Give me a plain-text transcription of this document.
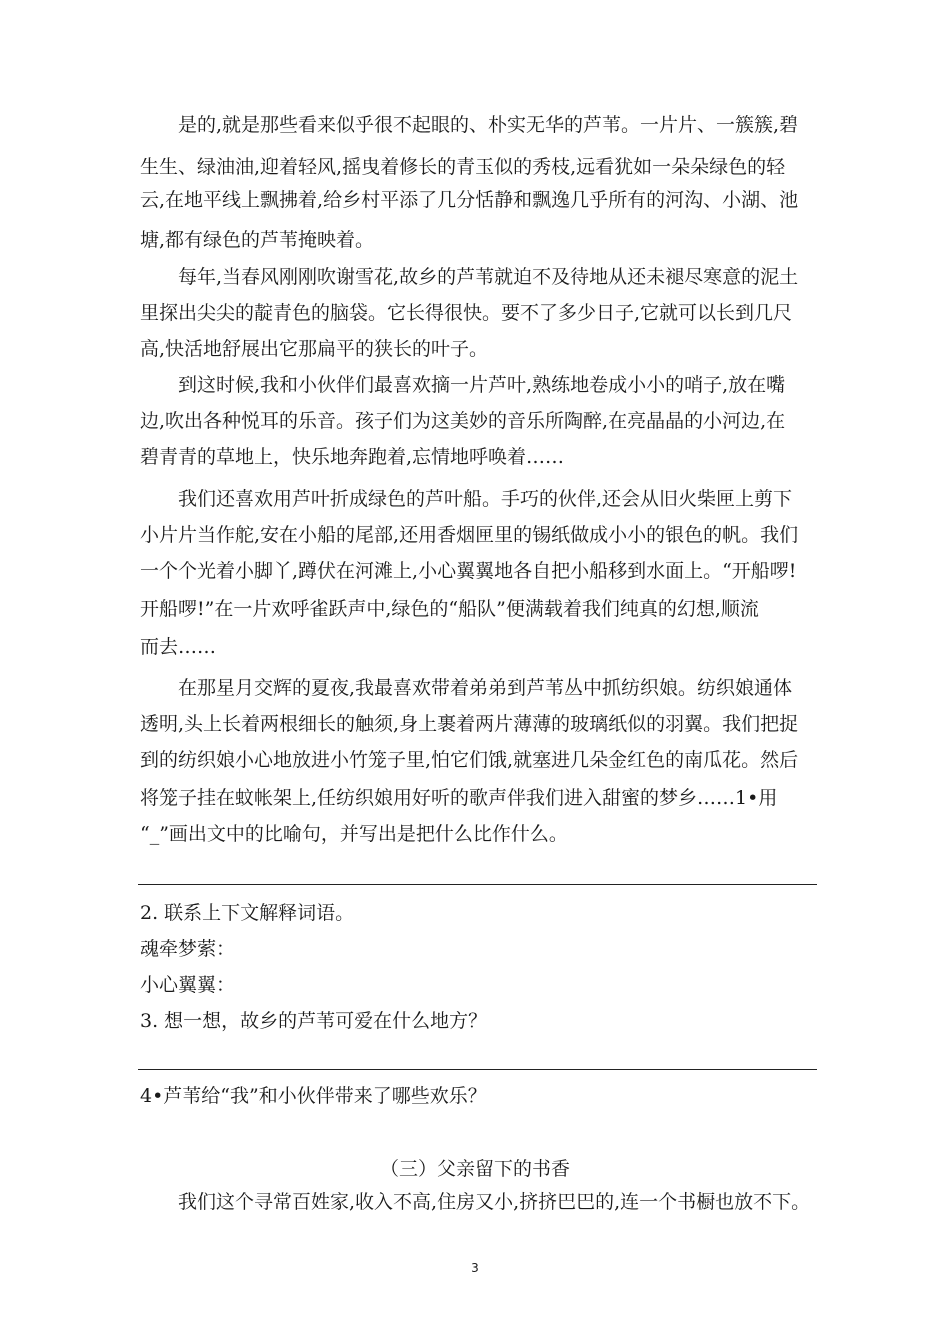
　　是的,就是那些看来似乎很不起眼的、朴实无华的芦苇。一片片、一簇簇,碧
生生、绿油油,迎着轻风,摇曳着修长的青玉似的秀枝,远看犹如一朵朵绿色的轻
云,在地平线上飘拂着,给乡村平添了几分恬静和飘逸几乎所有的河沟、小湖、池
塘,都有绿色的芦苇掩映着。
　　每年,当春风刚刚吹谢雪花,故乡的芦苇就迫不及待地从还未褪尽寒意的泥土
里探出尖尖的靛青色的脑袋。它长得很快。要不了多少日子,它就可以长到几尺
高,快活地舒展出它那扁平的狭长的叶子。
　　到这时候,我和小伙伴们最喜欢摘一片芦叶,熟练地卷成小小的哨子,放在嘴
边,吹出各种悦耳的乐音。孩子们为这美妙的音乐所陶醉,在亮晶晶的小河边,在
碧青青的草地上，快乐地奔跑着,忘情地呼唤着……
　　我们还喜欢用芦叶折成绿色的芦叶船。手巧的伙伴,还会从旧火柴匣上剪下
小片片当作舵,安在小船的尾部,还用香烟匣里的锡纸做成小小的银色的帆。我们
一个个光着小脚丫,蹲伏在河滩上,小心翼翼地各自把小船移到水面上。“开船啰!
开船啰!”在一片欢呼雀跃声中,绿色的“船队”便满载着我们纯真的幻想,顺流
而去……
　　在那星月交辉的夏夜,我最喜欢带着弟弟到芦苇丛中抓纺织娘。纺织娘通体
透明,头上长着两根细长的触须,身上裹着两片薄薄的玻璃纸似的羽翼。我们把捉
到的纺织娘小心地放进小竹笼子里,怕它们饿,就塞进几朵金红色的南瓜花。然后
将笼子挂在蚊帐架上,任纺织娘用好听的歌声伴我们进入甜蜜的梦乡……1•用
“_”画出文中的比喻句，并写出是把什么比作什么。
2. 联系上下文解释词语。
魂牵梦萦：
小心翼翼：
3. 想一想，故乡的芦苇可爱在什么地方？
4•芦苇给“我”和小伙伴带来了哪些欢乐？
（三）父亲留下的书香
　　我们这个寻常百姓家,收入不高,住房又小,挤挤巴巴的,连一个书橱也放不下。
3
